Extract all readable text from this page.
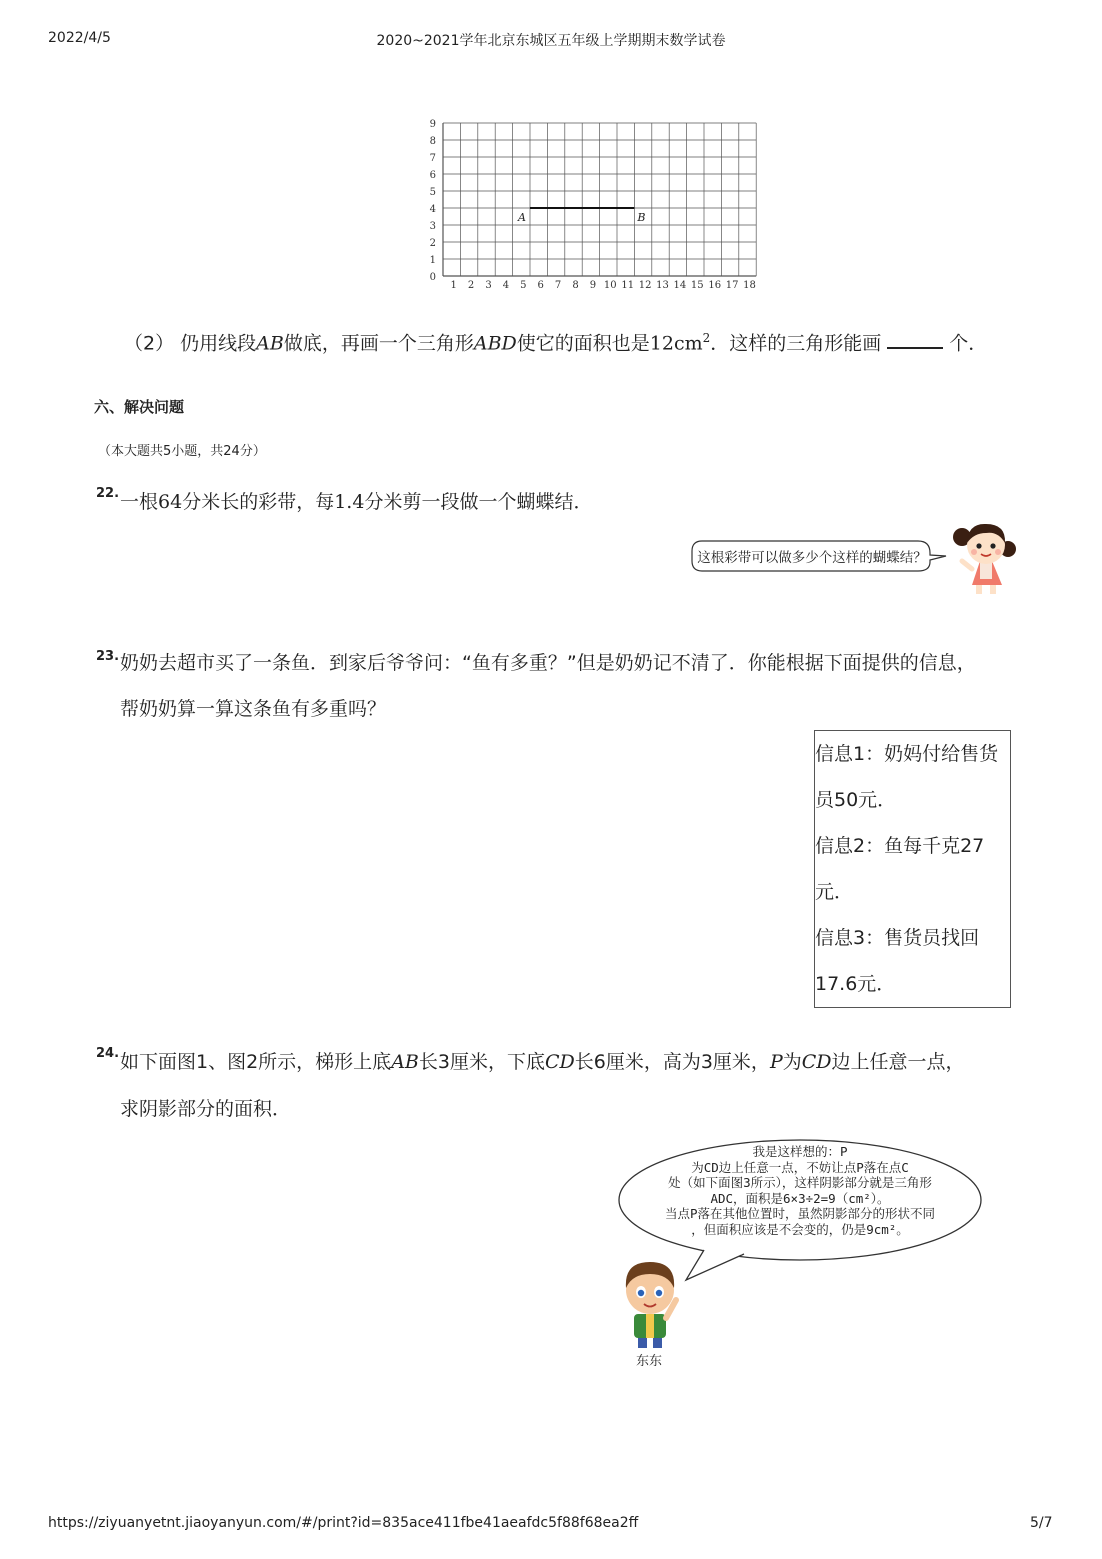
2022/4/5	2020~2021学年北京东城区五年级上学期期末数学试卷
9
8
7
6
5
4
3
2
1
0
1 2 3 4 5 6 7 8 9 10 11 12 13 14 15 16 17 18
A	B
（2） 仍用线段AB做底，再画一个三角形ABD使它的面积也是$12cm^2$．这样的三角形能画	个．
六、解决问题
（本大题共5小题，共24分）
22. 一根64分米长的彩带，每1.4分米剪一段做一个蝴蝶结．
这根彩带可以做多少个这样的蝴蝶结？
23. 奶奶去超市买了一条鱼．到家后爷爷问：“鱼有多重？”但是奶奶记不清了．你能根据下面提供的信息，
帮奶奶算一算这条鱼有多重吗？
信息1：奶妈付给售货
员50元．
信息2：鱼每千克27
元．
信息3：售货员找回
17.6元．
24. 如下面图1、图2所示，梯形上底AB长3厘米，下底CD长6厘米，高为3厘米，P为CD边上任意一点，
求阴影部分的面积．
我是这样想的：P
为CD边上任意一点，不妨让点P落在点C
处（如下面图3所示），这样阴影部分就是三角形
ADC，面积是6×3÷2=9（cm²）。
当点P落在其他位置时，虽然阴影部分的形状不同
，但面积应该是不会变的，仍是9cm²。
东东
https://ziyuanyetnt.jiaoyanyun.com/#/print?id=835ace411fbe41aeafdc5f88f68ea2ff	5/7
